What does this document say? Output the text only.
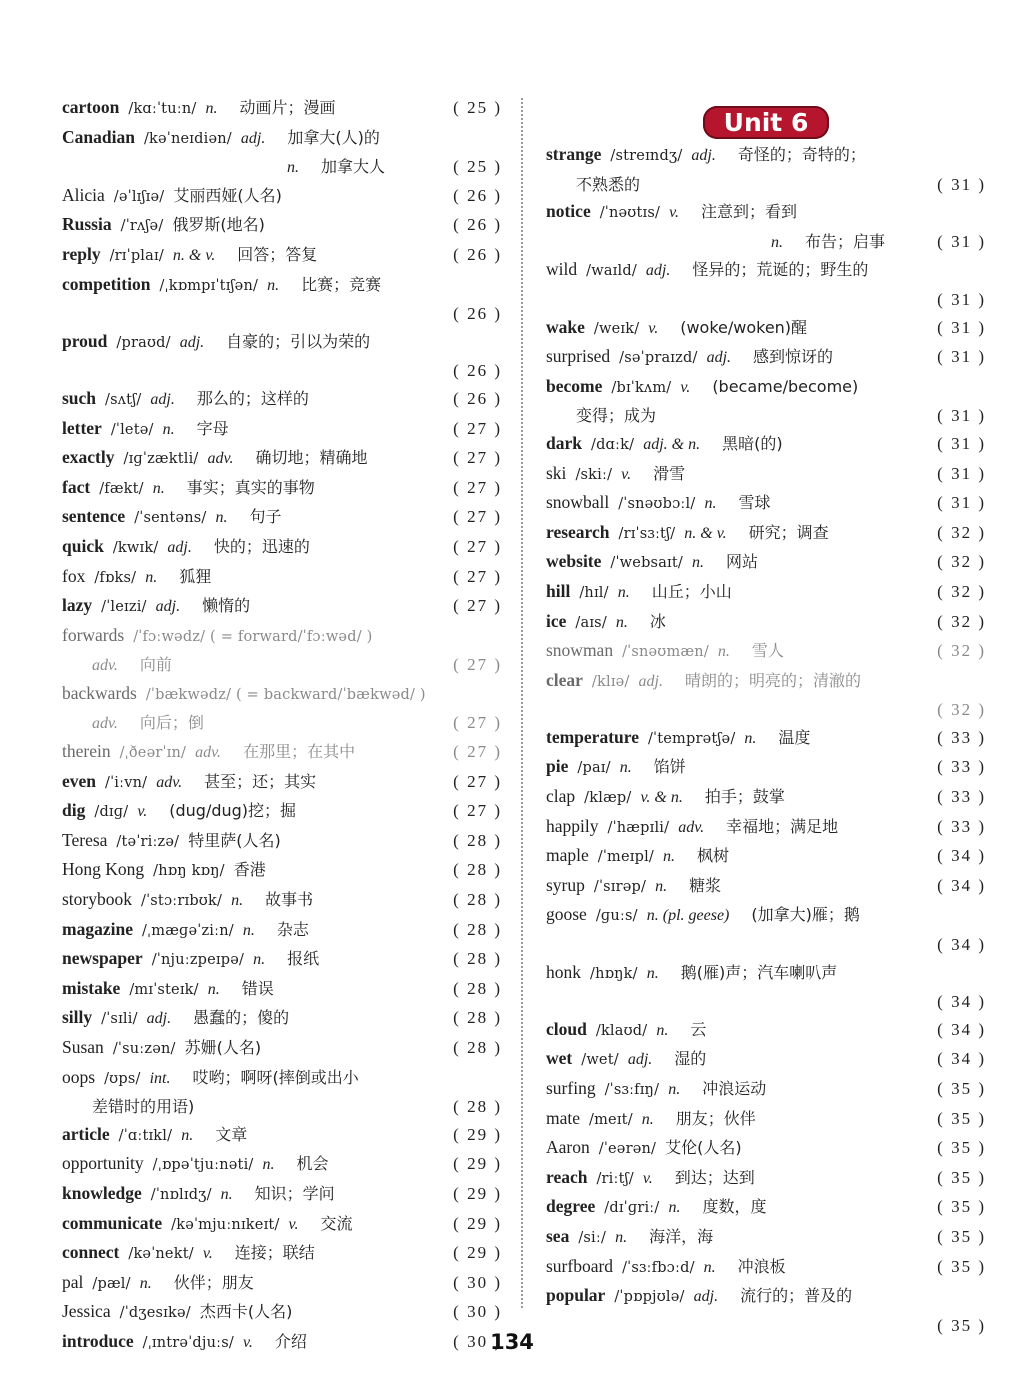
cartoon /kɑːˈtuːn/ n. 动画片；漫画	( 25 )
Canadian /kəˈneɪdiən/ adj. 加拿大(人)的
n. 加拿大人	( 25 )
Alicia /əˈlɪʃɪə/ 艾丽西娅(人名)	( 26 )
Russia /ˈrʌʃə/ 俄罗斯(地名)	( 26 )
reply /rɪˈplaɪ/ n. & v. 回答；答复	( 26 )
competition /ˌkɒmpɪˈtɪʃən/ n. 比赛；竞赛
( 26 )
proud /praʊd/ adj. 自豪的；引以为荣的
( 26 )
such /sʌtʃ/ adj. 那么的；这样的	( 26 )
letter /ˈletə/ n. 字母	( 27 )
exactly /ɪɡˈzæktli/ adv. 确切地；精确地	( 27 )
fact /fækt/ n. 事实；真实的事物	( 27 )
sentence /ˈsentəns/ n. 句子	( 27 )
quick /kwɪk/ adj. 快的；迅速的	( 27 )
fox /fɒks/ n. 狐狸	( 27 )
lazy /ˈleɪzi/ adj. 懒惰的	( 27 )
forwards /ˈfɔːwədz/ ( = forward/ˈfɔːwəd/ )
adv. 向前	( 27 )
backwards /ˈbækwədz/ ( = backward/ˈbækwəd/ )
adv. 向后；倒	( 27 )
therein /ˌðeərˈɪn/ adv. 在那里；在其中	( 27 )
even /ˈiːvn/ adv. 甚至；还；其实	( 27 )
dig /dɪɡ/ v. (dug/dug)挖；掘	( 27 )
Teresa /təˈriːzə/ 特里萨(人名)	( 28 )
Hong Kong /hɒŋ kɒŋ/ 香港	( 28 )
storybook /ˈstɔːrɪbʊk/ n. 故事书	( 28 )
magazine /ˌmæɡəˈziːn/ n. 杂志	( 28 )
newspaper /ˈnjuːzpeɪpə/ n. 报纸	( 28 )
mistake /mɪˈsteɪk/ n. 错误	( 28 )
silly /ˈsɪli/ adj. 愚蠢的；傻的	( 28 )
Susan /ˈsuːzən/ 苏姗(人名)	( 28 )
oops /ʊps/ int. 哎哟；啊呀(摔倒或出小
差错时的用语)	( 28 )
article /ˈɑːtɪkl/ n. 文章	( 29 )
opportunity /ˌɒpəˈtjuːnəti/ n. 机会	( 29 )
knowledge /ˈnɒlɪdʒ/ n. 知识；学问	( 29 )
communicate /kəˈmjuːnɪkeɪt/ v. 交流	( 29 )
connect /kəˈnekt/ v. 连接；联结	( 29 )
pal /pæl/ n. 伙伴；朋友	( 30 )
Jessica /ˈdʒesɪkə/ 杰西卡(人名)	( 30 )
introduce /ˌɪntrəˈdjuːs/ v. 介绍	( 30 )
Unit 6
strange /streɪndʒ/ adj. 奇怪的；奇特的；
不熟悉的	( 31 )
notice /ˈnəʊtɪs/ v. 注意到；看到
n. 布告；启事	( 31 )
wild /waɪld/ adj. 怪异的；荒诞的；野生的
( 31 )
wake /weɪk/ v. (woke/woken)醒	( 31 )
surprised /səˈpraɪzd/ adj. 感到惊讶的	( 31 )
become /bɪˈkʌm/ v. (became/become)
变得；成为	( 31 )
dark /dɑːk/ adj. & n. 黑暗(的)	( 31 )
ski /skiː/ v. 滑雪	( 31 )
snowball /ˈsnəʊbɔːl/ n. 雪球	( 31 )
research /rɪˈsɜːtʃ/ n. & v. 研究；调查	( 32 )
website /ˈwebsaɪt/ n. 网站	( 32 )
hill /hɪl/ n. 山丘；小山	( 32 )
ice /aɪs/ n. 冰	( 32 )
snowman /ˈsnəʊmæn/ n. 雪人	( 32 )
clear /klɪə/ adj. 晴朗的；明亮的；清澈的
( 32 )
temperature /ˈtemprətʃə/ n. 温度	( 33 )
pie /paɪ/ n. 馅饼	( 33 )
clap /klæp/ v. & n. 拍手；鼓掌	( 33 )
happily /ˈhæpɪli/ adv. 幸福地；满足地	( 33 )
maple /ˈmeɪpl/ n. 枫树	( 34 )
syrup /ˈsɪrəp/ n. 糖浆	( 34 )
goose /ɡuːs/ n. (pl. geese) (加拿大)雁；鹅
( 34 )
honk /hɒŋk/ n. 鹅(雁)声；汽车喇叭声
( 34 )
cloud /klaʊd/ n. 云	( 34 )
wet /wet/ adj. 湿的	( 34 )
surfing /ˈsɜːfɪŋ/ n. 冲浪运动	( 35 )
mate /meɪt/ n. 朋友；伙伴	( 35 )
Aaron /ˈeərən/ 艾伦(人名)	( 35 )
reach /riːtʃ/ v. 到达；达到	( 35 )
degree /dɪˈɡriː/ n. 度数，度	( 35 )
sea /siː/ n. 海洋，海	( 35 )
surfboard /ˈsɜːfbɔːd/ n. 冲浪板	( 35 )
popular /ˈpɒpjʊlə/ adj. 流行的；普及的
( 35 )
134
